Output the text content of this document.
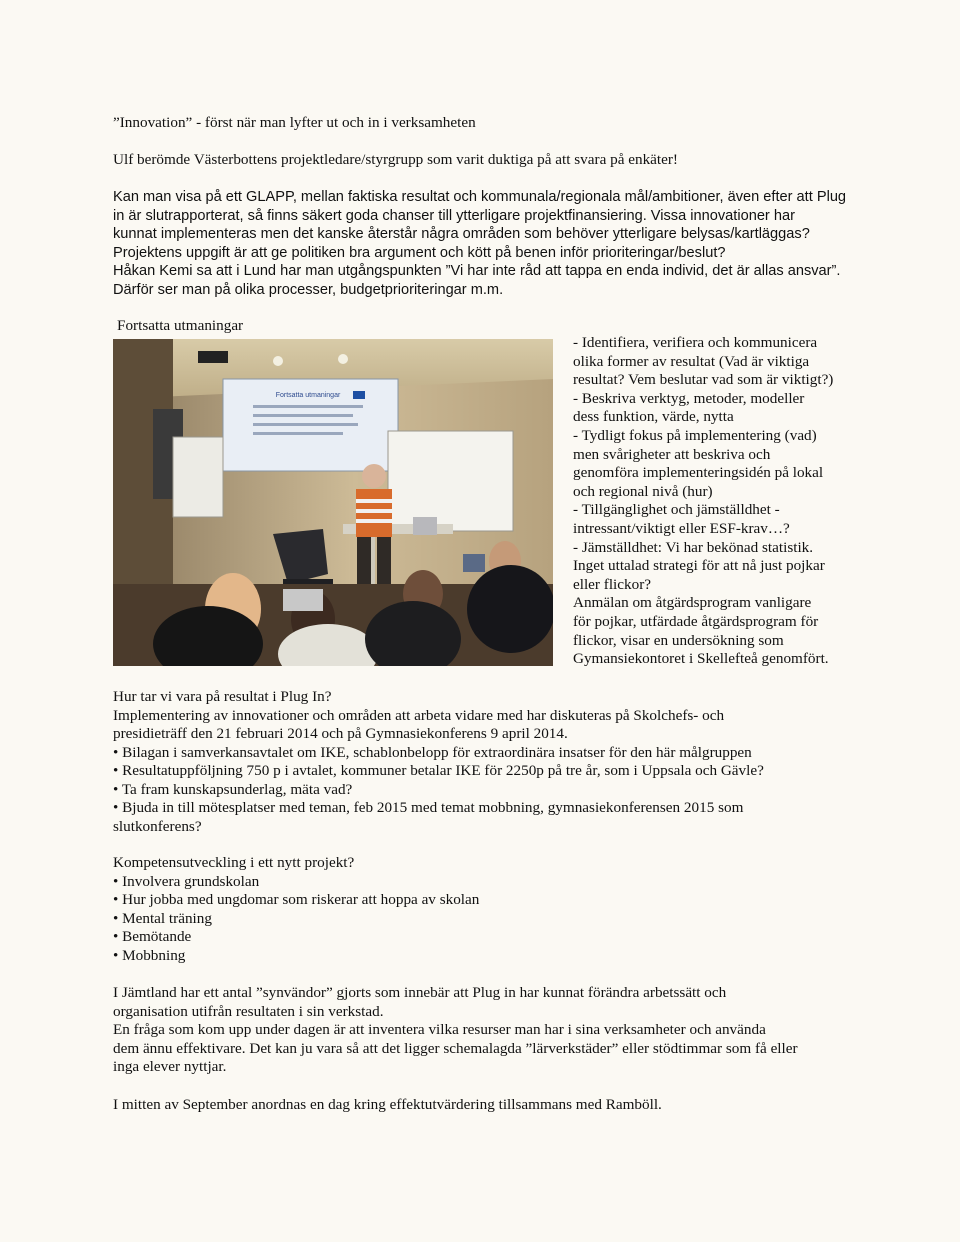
”Innovation” - först när man lyfter ut och in i verksamheten

Ulf berömde Västerbottens projektledare/styrgrupp som varit duktiga på att svara på enkäter!

Kan man visa på ett GLAPP, mellan faktiska resultat och kommunala/regionala mål/ambitioner, även efter att Plug
in är slutrapporterat, så finns säkert goda chanser till ytterligare projektfinansiering. Vissa innovationer har
kunnat implementeras men det kanske återstår några områden som behöver ytterligare belysas/kartläggas?
Projektens uppgift är att ge politiken bra argument och kött på benen inför prioriteringar/beslut?
Håkan Kemi sa att i Lund har man utgångspunkten ”Vi har inte råd att tappa en enda individ, det är allas ansvar”.
Därför ser man på olika processer, budgetprioriteringar m.m.

Fortsatta utmaningar

Fortsatta utmaningar
- Identifiera, verifiera och kommunicera
olika former av resultat (Vad är viktiga
resultat? Vem beslutar vad som är viktigt?)
- Beskriva verktyg, metoder, modeller
dess funktion, värde, nytta
- Tydligt fokus på implementering (vad)
men svårigheter att beskriva och
genomföra implementeringsidén på lokal
och regional nivå (hur)
- Tillgänglighet och jämställdhet -
intressant/viktigt eller ESF-krav…?
- Jämställdhet: Vi har bekönad statistik.
Inget uttalad strategi för att nå just pojkar
eller flickor?
Anmälan om åtgärdsprogram vanligare
för pojkar, utfärdade åtgärdsprogram för
flickor, visar en undersökning som
Gymansiekontoret i Skellefteå genomfört.
Hur tar vi vara på resultat i Plug In?
Implementering av innovationer och områden att arbeta vidare med har diskuteras på Skolchefs- och
presidieträff den 21 februari 2014 och på Gymnasiekonferens 9 april 2014.
• Bilagan i samverkansavtalet om IKE, schablonbelopp för extraordinära insatser för den här målgruppen
• Resultatuppföljning 750 p i avtalet, kommuner betalar IKE för 2250p på tre år, som i Uppsala och Gävle?
• Ta fram kunskapsunderlag, mäta vad?
• Bjuda in till mötesplatser med teman, feb 2015 med temat mobbning, gymnasiekonferensen 2015 som
slutkonferens?
Kompetensutveckling i ett nytt projekt?
• Involvera grundskolan
• Hur jobba med ungdomar som riskerar att hoppa av skolan
• Mental träning
• Bemötande
• Mobbning
I Jämtland har ett antal ”synvändor” gjorts som innebär att Plug in har kunnat förändra arbetssätt och
organisation utifrån resultaten i sin verkstad.
En fråga som kom upp under dagen är att inventera vilka resurser man har i sina verksamheter och använda
dem ännu effektivare. Det kan ju vara så att det ligger schemalagda ”lärverkstäder” eller stödtimmar som få eller
inga elever nyttjar.

I mitten av September anordnas en dag kring effektutvärdering tillsammans med Ramböll.
